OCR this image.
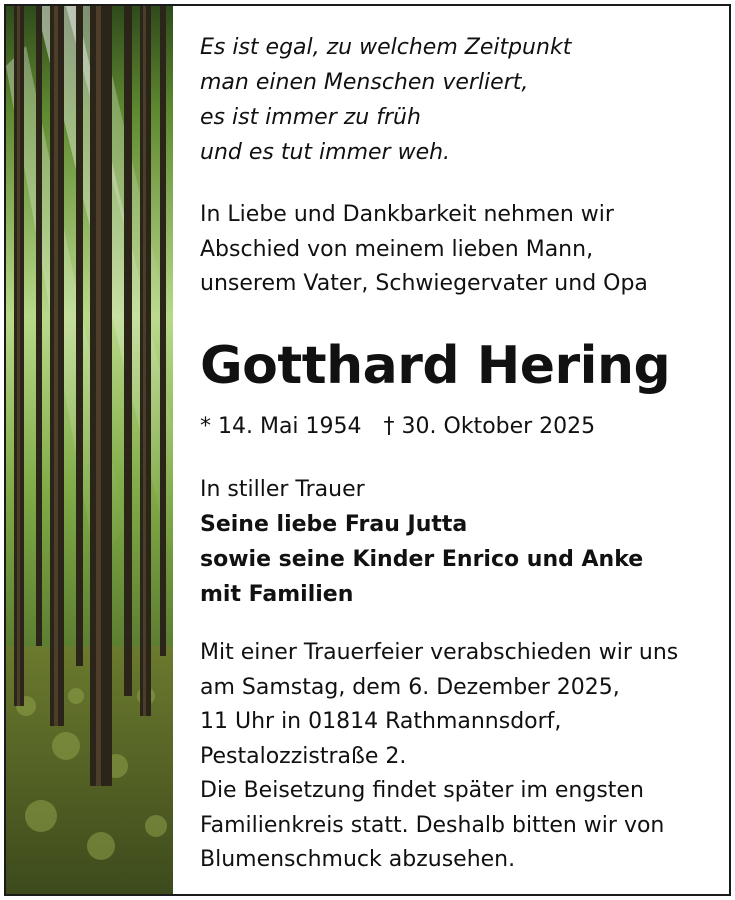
Es ist egal, zu welchem Zeitpunkt
man einen Menschen verliert,
es ist immer zu früh
und es tut immer weh.
In Liebe und Dankbarkeit nehmen wir
Abschied von meinem lieben Mann,
unserem Vater, Schwiegervater und Opa
Gotthard Hering
* 14. Mai 1954 † 30. Oktober 2025
In stiller Trauer
Seine liebe Frau Jutta
sowie seine Kinder Enrico und Anke
mit Familien
Mit einer Trauerfeier verabschieden wir uns
am Samstag, dem 6. Dezember 2025,
11 Uhr in 01814 Rathmannsdorf,
Pestalozzistraße 2.
Die Beisetzung findet später im engsten
Familienkreis statt. Deshalb bitten wir von
Blumenschmuck abzusehen.
